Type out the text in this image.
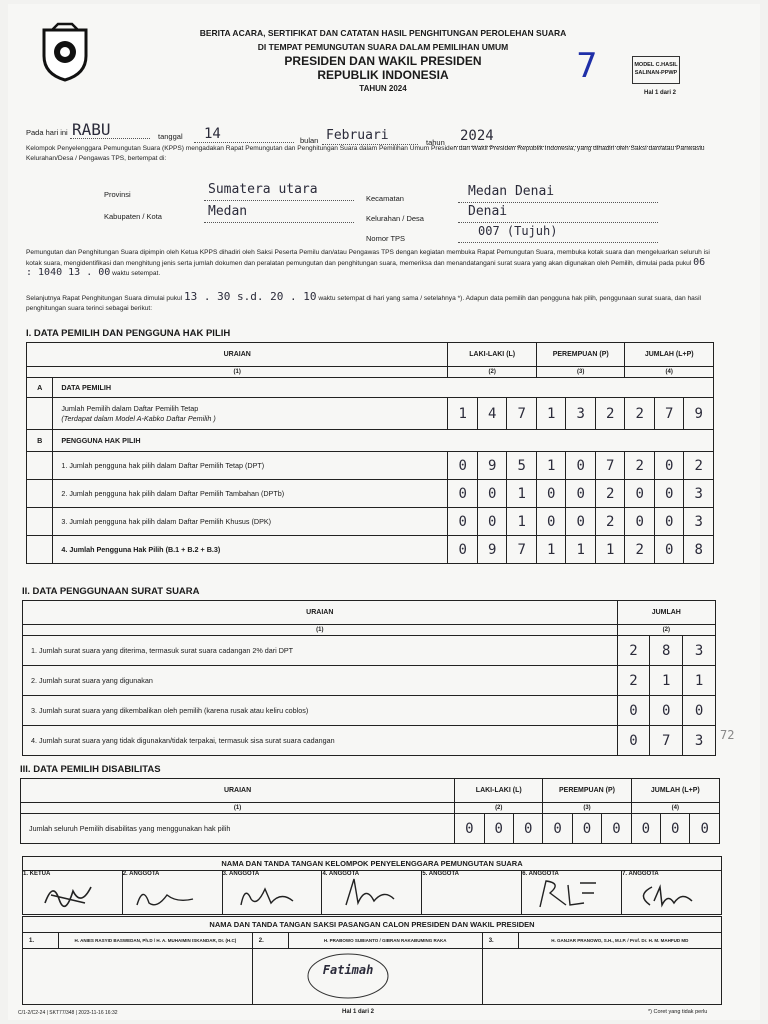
BERITA ACARA, SERTIFIKAT DAN CATATAN HASIL PENGHITUNGAN PEROLEHAN SUARA
DI TEMPAT PEMUNGUTAN SUARA DALAM PEMILIHAN UMUM
PRESIDEN DAN WAKIL PRESIDEN
REPUBLIK INDONESIA
TAHUN 2024
7	MODEL C.HASIL SALINAN-PPWP
Hal 1 dari 2
Pada hari ini RABU	tanggal 14	bulan Februari	tahun 2024
Kelompok Penyelenggara Pemungutan Suara (KPPS) mengadakan Rapat Pemungutan dan Penghitungan Suara dalam Pemilihan Umum Presiden dan Wakil Presiden Republik Indonesia, yang dihadiri oleh Saksi dan/atau Panwaslu Kelurahan/Desa / Pengawas TPS, bertempat di:
Provinsi	Sumatera utara
Kabupaten / Kota	Medan
Kecamatan	Medan Denai
Kelurahan / Desa	Denai
Nomor TPS
007 (Tujuh)
Pemungutan dan Penghitungan Suara dipimpin oleh Ketua KPPS dihadiri oleh Saksi Peserta Pemilu dan/atau Pengawas TPS dengan kegiatan membuka Rapat Pemungutan Suara, membuka kotak suara dan mengeluarkan seluruh isi kotak suara, mengidentifikasi dan menghitung jenis serta jumlah dokumen dan peralatan pemungutan dan penghitungan suara, memeriksa dan menandatangani surat suara yang akan digunakan oleh Pemilih, dimulai pada pukul 06 : 1040 13 . 00 waktu setempat.
Selanjutnya Rapat Penghitungan Suara dimulai pukul 13 . 30 s.d. 20 . 10 waktu setempat di hari yang sama / setelahnya *). Adapun data pemilih dan pengguna hak pilih, penggunaan surat suara, dan hasil penghitungan suara terinci sebagai berikut:
I. DATA PEMILIH DAN PENGGUNA HAK PILIH
URAIAN		LAKI-LAKI (L)			PEREMPUAN (P)			JUMLAH (L+P)		
(1)		(2)			(3)			(4)		
A	DATA PEMILIH									

	Jumlah Pemilih dalam Daftar Pemilih Tetap
(Terdapat dalam Model A-Kabko Daftar Pemilih )	1	4	7	1	3	2	2	7	9
B	PENGGUNA HAK PILIH									
	1. Jumlah pengguna hak pilih dalam Daftar Pemilih Tetap (DPT)	0	9	5	1	0	7	2	0	2
	2. Jumlah pengguna hak pilih dalam Daftar Pemilih Tambahan (DPTb)	0	0	1	0	0	2	0	0	3
	3. Jumlah pengguna hak pilih dalam Daftar Pemilih Khusus (DPK)	0	0	1	0	0	2	0	0	3
	4. Jumlah Pengguna Hak Pilih (B.1 + B.2 + B.3)	0	9	7	1	1	1	2	0	8
II. DATA PENGGUNAAN SURAT SUARA
URAIAN	JUMLAH		
(1)	(2)		
1. Jumlah surat suara yang diterima, termasuk surat suara cadangan 2% dari DPT	2	8	3
2. Jumlah surat suara yang digunakan	2	1	1
3. Jumlah surat suara yang dikembalikan oleh pemilih (karena rusak atau keliru coblos)	0	0	0
4. Jumlah surat suara yang tidak digunakan/tidak terpakai, termasuk sisa surat suara cadangan	0	7	3 72
III. DATA PEMILIH DISABILITAS
URAIAN	LAKI-LAKI (L)			PEREMPUAN (P)			JUMLAH (L+P)		
(1)	(2)			(3)			(4)		
Jumlah seluruh Pemilih disabilitas yang menggunakan hak pilih	0	0	0	0	0	0	0	0	0
NAMA DAN TANDA TANGAN KELOMPOK PENYELENGGARA PEMUNGUTAN SUARA
1. KETUA	2. ANGGOTA	3. ANGGOTA	4. ANGGOTA	5. ANGGOTA	6. ANGGOTA	7. ANGGOTA
NAMA DAN TANDA TANGAN SAKSI PASANGAN CALON PRESIDEN DAN WAKIL PRESIDEN					
1.	H. ANIES RASYID BASWEDAN, Ph.D / H. A. MUHAIMIN ISKANDAR, Dr. (H.C)	2.	H. PRABOWO SUBIANTO / GIBRAN RAKABUMING RAKA	3.	H. GANJAR PRANOWO, S.H., M.I.P. / Prof. Dr. H. M. MAHFUD MD

		Fatimah			

C/1-2/C2-24 | SKT77/348 | 2023-11-16 16:32	Hal 1 dari 2	*) Coret yang tidak perlu
